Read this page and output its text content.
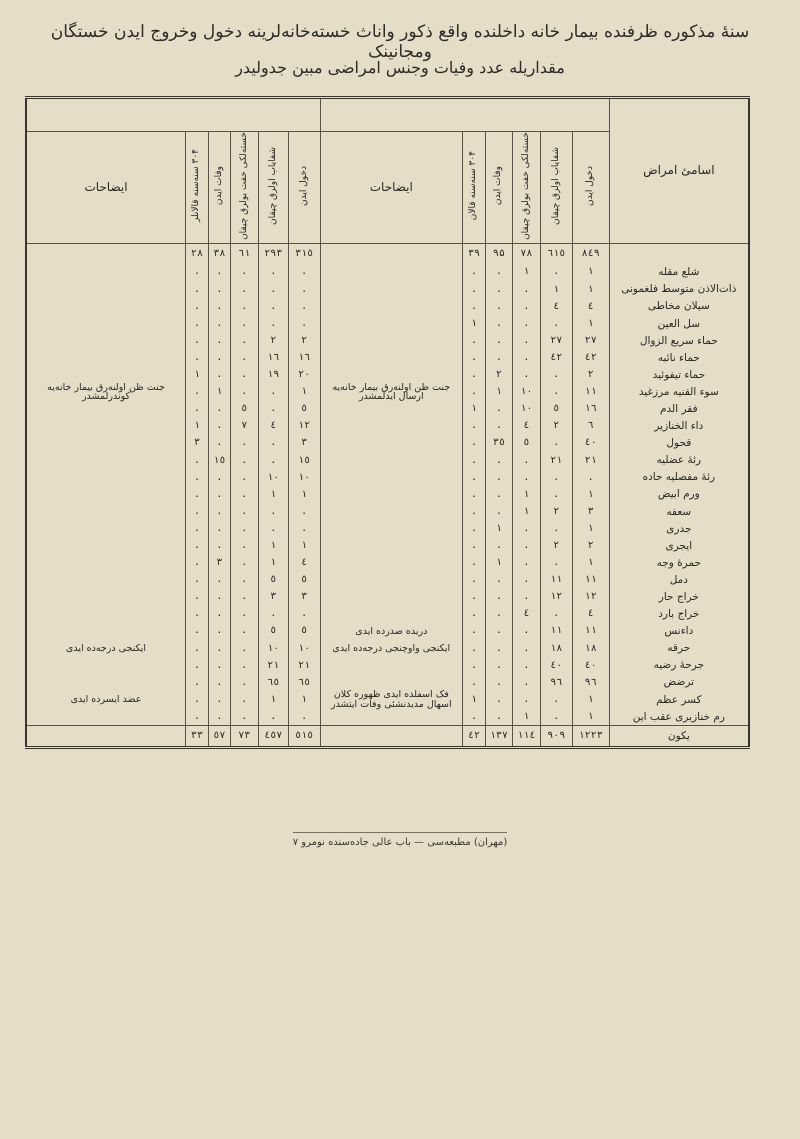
سنهٔ مذکوره ظرفنده بیمار خانه داخلنده واقع ذکور واناث خسته‌خانه‌لرینه دخول وخروج ایدن خستگان ومجانینک
مقداریله عدد وفیات وجنس امراضی مبین جدولیدر
اسامئ امراض												
	دخول ایدن	شفایاب اولرق چیقان	خسته‌لکی خفت بولرق چیقان	وفات ایدن	۳۰۴ سنه‌سنه قالان	ایضاحات	دخول ایدن	شفایاب اولرق چیقان	خسته‌لکی خفت بولرق چیقان	وفات ایدن	۳۰۴ سنه‌سنه قالانلر	ایضاحات
	۸٤۹	٦١٥	۷۸	۹۵	۳۹		۳١٥	۲۹۳	٦١	۳۸	۲۸	
شلع مقله	١	.	١	.	.		.	.	.	.	.	
ذات‌الاذن متوسط فلغمونی	١	١	.	.	.		.	.	.	.	.	
سیلان مخاطی	٤	٤	.	.	.		.	.	.	.	.	
سل العین	١	.	.	.	١		.	.	.	.	.	
حماء سریع الزوال	۲۷	۲۷	.	.	.		۲	۲	.	.	.	
حماء نائبه	٤۲	٤۲	.	.	.		١٦	١٦	.	.	.	
حماء تیفوئید	۲	.	.	۲	.	جنت ظن اولنه‌رق بیمار خانه‌یه ارسال ایدلمشدر	۲۰	١۹	.	.	١	جنت ظن اولنه‌رق بیمار خانه‌یه کوندرلمشدر
سوء القنیه مرزغید	١١	.	١٠	١	.		١	.	.	١	.	
فقر الدم	١٦	٥	١٠	.	١		٥	.	٥	.	.	
داء الخنازیر	٦	۲	٤	.	.		١۲	٤	۷	.	١	
قحول	٤٠	.	٥	۳٥	.		۳	.	.	.	۳	
رئهٔ عضلیه	۲١	۲١	.	.	.		١٥	.	.	١٥	.	
رئهٔ مفصلیه حاده	.	.	.	.	.		١٠	١٠	.	.	.	
ورم ابیض	١	.	١	.	.		١	١	.	.	.	
سعفه	۳	۲	١	.	.		.	.	.	.	.	
جدری	١	.	.	١	.		.	.	.	.	.	
ایجری	۲	۲	.	.	.		١	١	.	.	.	
حمرهٔ وجه	١	.	.	١	.		٤	١	.	۳	.	
دمل	١١	١١	.	.	.		٥	٥	.	.	.	
خراج حار	١۲	١۲	.	.	.		۳	۳	.	.	.	
خراج بارد	٤	.	٤	.	.		.	.	.	.	.	
داءنس	١١	١١	.	.	.	دریده صدرده ایدی	٥	٥	.	.	.	
حرقه	١۸	١۸	.	.	.	ایکنجی واوچنجی درجه‌ده ایدی	١٠	١٠	.	.	.	ایکنجی درجه‌ده ایدی
جرحهٔ رضیه	٤٠	٤٠	.	.	.		۲١	۲١	.	.	.	
ترضض	۹٦	۹٦	.	.	.	فک اسفلده ایدی ظهوره کلان اسهال مدیدنشئی وفات ایتشدر	٦٥	٦٥	.	.	.	عضد ایسرده ایدی
کسر عظم	١	.	.	.	١		١	١	.	.	.	
رم خنازیری عقب این	١	.	١	.	.		.	.	.	.	.	
یکون	١۲۲۳	۹٠۹	١١٤	١۳۷	٤۲		٥١٥	٤٥۷	۷۳	٥۷	۳۳	
(مهران) مطبعه‌سی — باب عالی جاده‌سنده نومرو ۷
